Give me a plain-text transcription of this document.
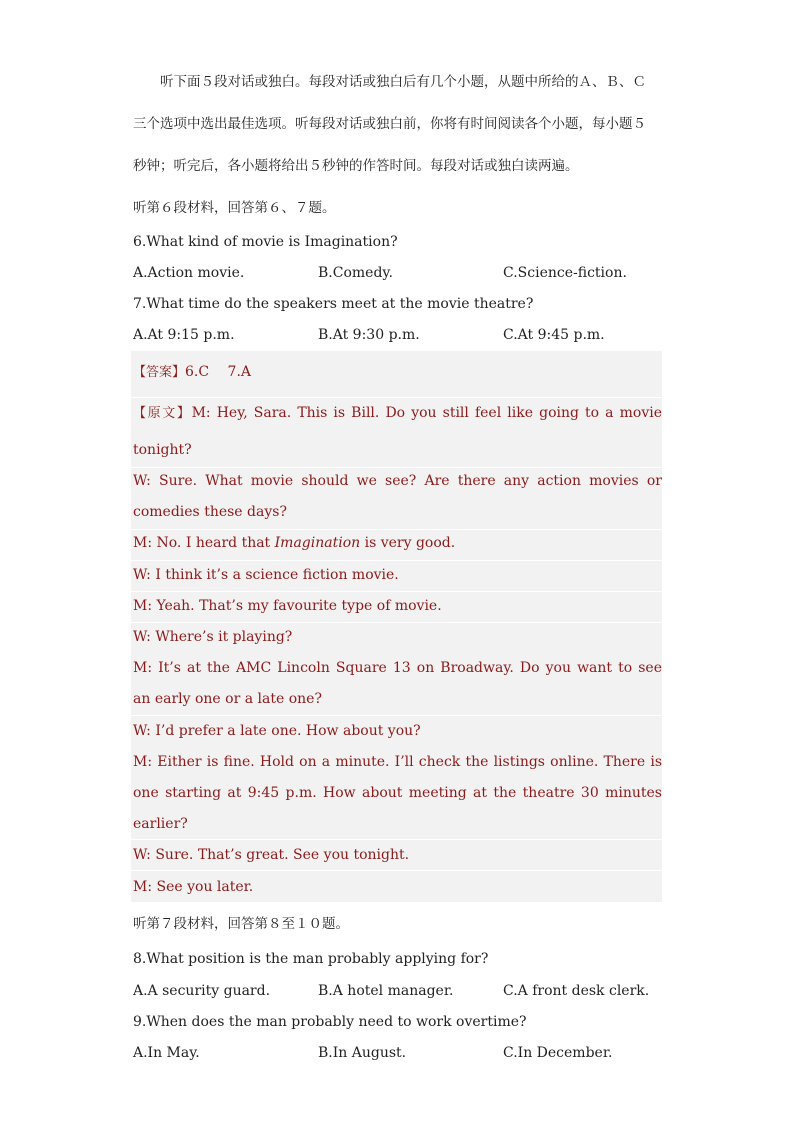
听下面５段对话或独白。每段对话或独白后有几个小题，从题中所给的Ａ、Ｂ、Ｃ
三个选项中选出最佳选项。听每段对话或独白前，你将有时间阅读各个小题，每小题５
秒钟；听完后，各小题将给出５秒钟的作答时间。每段对话或独白读两遍。
听第６段材料，回答第６、７题。
6.What kind of movie is Imagination?
A.Action movie.	B.Comedy.	C.Science-fiction.
7.What time do the speakers meet at the movie theatre?
A.At 9:15 p.m.	B.At 9:30 p.m.	C.At 9:45 p.m.
【答案】6.C　 7.A
【原文】M: Hey, Sara. This is Bill. Do you still feel like going to a movie
tonight?
W: Sure. What movie should we see? Are there any action movies or
comedies these days?
M: No. I heard that Imagination is very good.
W: I think it’s a science fiction movie.
M: Yeah. That’s my favourite type of movie.
W: Where’s it playing?
M: It’s at the AMC Lincoln Square 13 on Broadway. Do you want to see
an early one or a late one?
W: I’d prefer a late one. How about you?
M: Either is fine. Hold on a minute. I’ll check the listings online. There is
one starting at 9:45 p.m. How about meeting at the theatre 30 minutes
earlier?
W: Sure. That’s great. See you tonight.
M: See you later.
听第７段材料，回答第８至１０题。
8.What position is the man probably applying for?
A.A security guard.	B.A hotel manager.	C.A front desk clerk.
9.When does the man probably need to work overtime?
A.In May.	B.In August.	C.In December.
